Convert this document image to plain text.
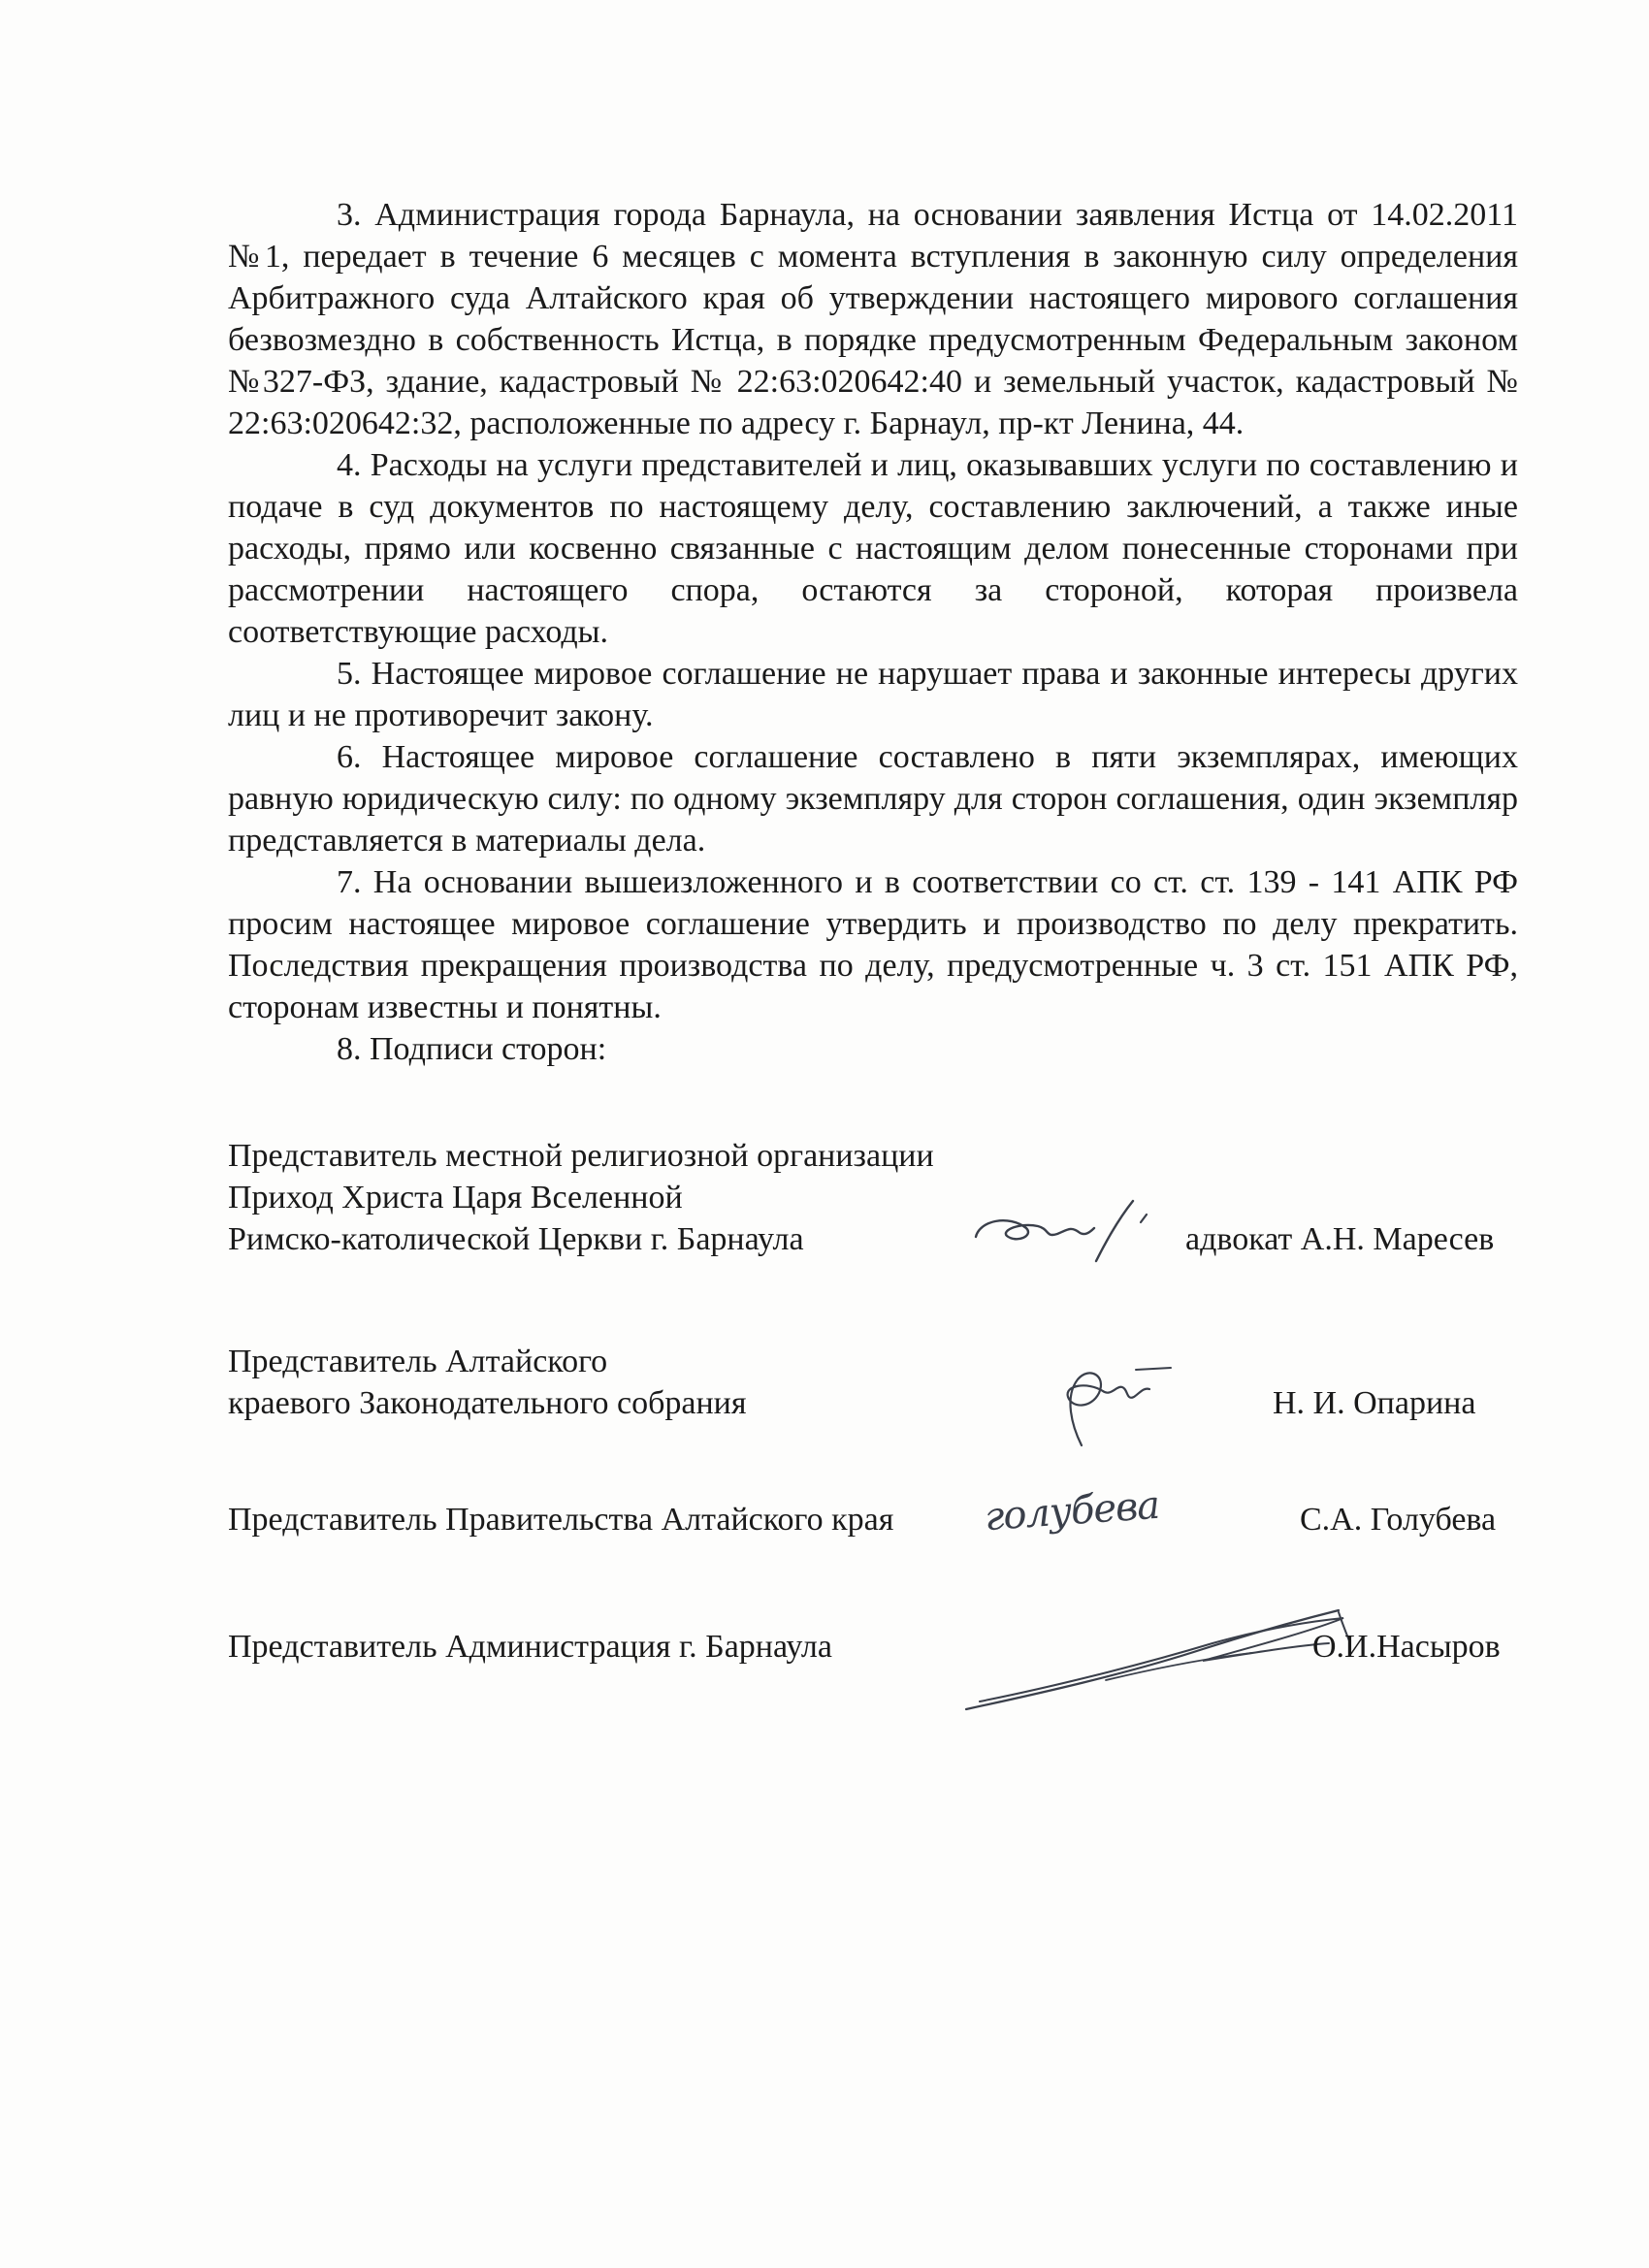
3. Администрация города Барнаула, на основании заявления Истца от 14.02.2011 №1, передает в течение 6 месяцев с момента вступления в законную силу определения Арбитражного суда Алтайского края об утверждении настоящего мирового соглашения безвозмездно в собственность Истца, в порядке предусмотренным Федеральным законом №327-ФЗ, здание, кадастровый № 22:63:020642:40 и земельный участок, кадастровый № 22:63:020642:32, расположенные по адресу г. Барнаул, пр-кт Ленина, 44.

4. Расходы на услуги представителей и лиц, оказывавших услуги по составлению и подаче в суд документов по настоящему делу, составлению заключений, а также иные расходы, прямо или косвенно связанные с настоящим делом понесенные сторонами при рассмотрении настоящего спора, остаются за стороной, которая произвела соответствующие расходы.

5. Настоящее мировое соглашение не нарушает права и законные интересы других лиц и не противоречит закону.

6. Настоящее мировое соглашение составлено в пяти экземплярах, имеющих равную юридическую силу: по одному экземпляру для сторон соглашения, один экземпляр представляется в материалы дела.

7. На основании вышеизложенного и в соответствии со ст. ст. 139 - 141 АПК РФ просим настоящее мировое соглашение утвердить и производство по делу прекратить. Последствия прекращения производства по делу, предусмотренные ч. 3 ст. 151 АПК РФ, сторонам известны и понятны.

8. Подписи сторон:

Представитель местной религиозной организации
Приход Христа Царя Вселенной
Римско-католической Церкви г. Барнаула	адвокат А.Н. Маресев
Представитель Алтайского
краевого Законодательного собрания	Н. И. Опарина
Представитель Правительства Алтайского края голубева	С.А. Голубева
Представитель Администрация г. Барнаула	О.И.Насыров
